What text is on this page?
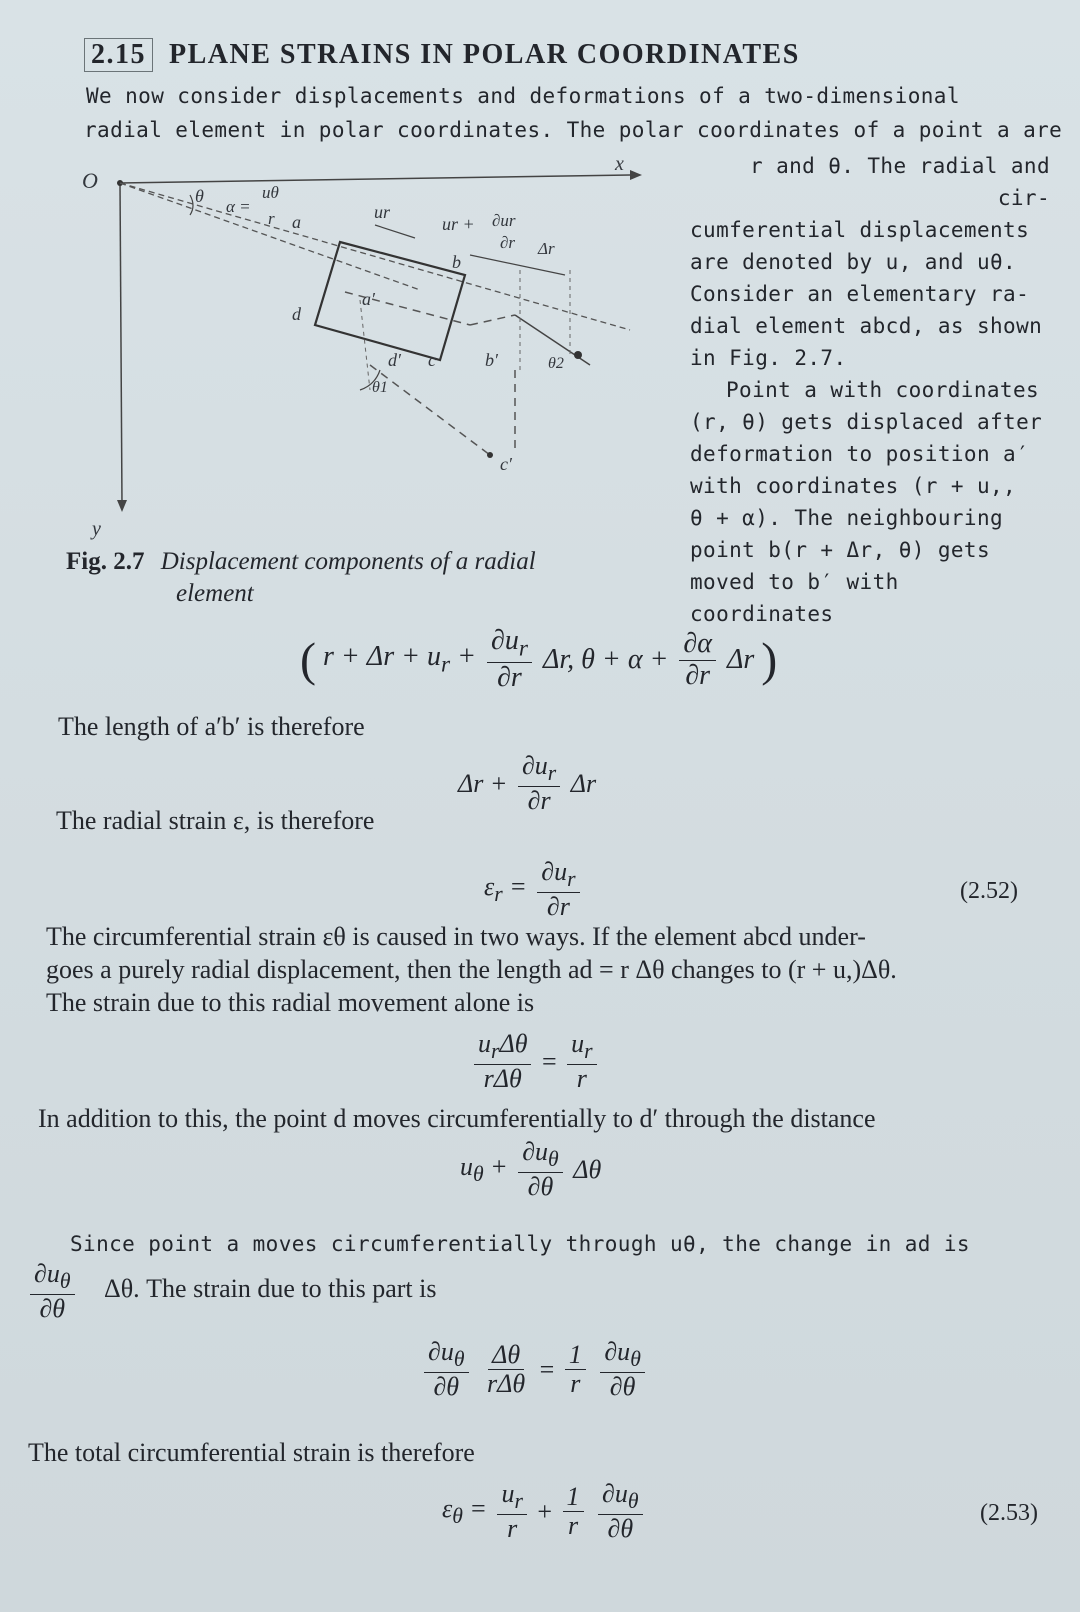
2.15 PLANE STRAINS IN POLAR COORDINATES
We now consider displacements and deformations of a two-dimensional
radial element in polar coordinates. The polar coordinates of a point a are
O
x
y
θ
α =
uθ
r a	ur
ur + ∂ur
∂r Δr
b
a′
d
d′ c	b′
c′
θ1
θ2
r and θ. The radial and cir-
cumferential displacements
are denoted by u, and uθ.
Consider an elementary ra-
dial element abcd, as shown
in Fig. 2.7.
Point a with coordinates
(r, θ) gets displaced after
deformation to position a′
with coordinates (r + u,,
θ + α). The neighbouring
point b(r + Δr, θ) gets
moved to b′ with coordinates
Fig. 2.7 Displacement components of a radial
element
( $r + \Delta r + u_r + \frac{\partial u_r}{\partial r} \Delta r$, $\theta + \alpha + \frac{\partial\alpha}{\partial r}$ Δr )
The length of a′b′ is therefore
$\Delta r + \frac{\partial u_r}{\partial r}$ Δr
The radial strain ε, is therefore
$\varepsilon_r = \frac{\partial u_r}{\partial r}$	(2.52)
The circumferential strain εθ is caused in two ways. If the element abcd under-
goes a purely radial displacement, then the length ad = r Δθ changes to (r + u,)Δθ.
The strain due to this radial movement alone is
$\frac{u_r\Delta\theta}{\text{rΔθ}} = \frac{u_r}{r}$
In addition to this, the point d moves circumferentially to d′ through the distance
$u_\theta + \frac{\partial u_\theta}{\partial\theta}$ Δθ
Since point a moves circumferentially through uθ, the change in ad is
$\frac{\partial u_\theta}{\partial\theta} \Delta\theta$. The strain due to this part is
$\frac{\partial u_\theta}{\partial\theta}$
$\frac{\Delta\theta}{\text{rΔθ}} = \frac{1}{r}$
$\frac{\partial u_\theta}{\partial\theta}$
The total circumferential strain is therefore
$\varepsilon_\theta = \frac{u_r}{r} + \frac{1}{r}$
$\frac{\partial u_\theta}{\partial\theta}$	(2.53)
